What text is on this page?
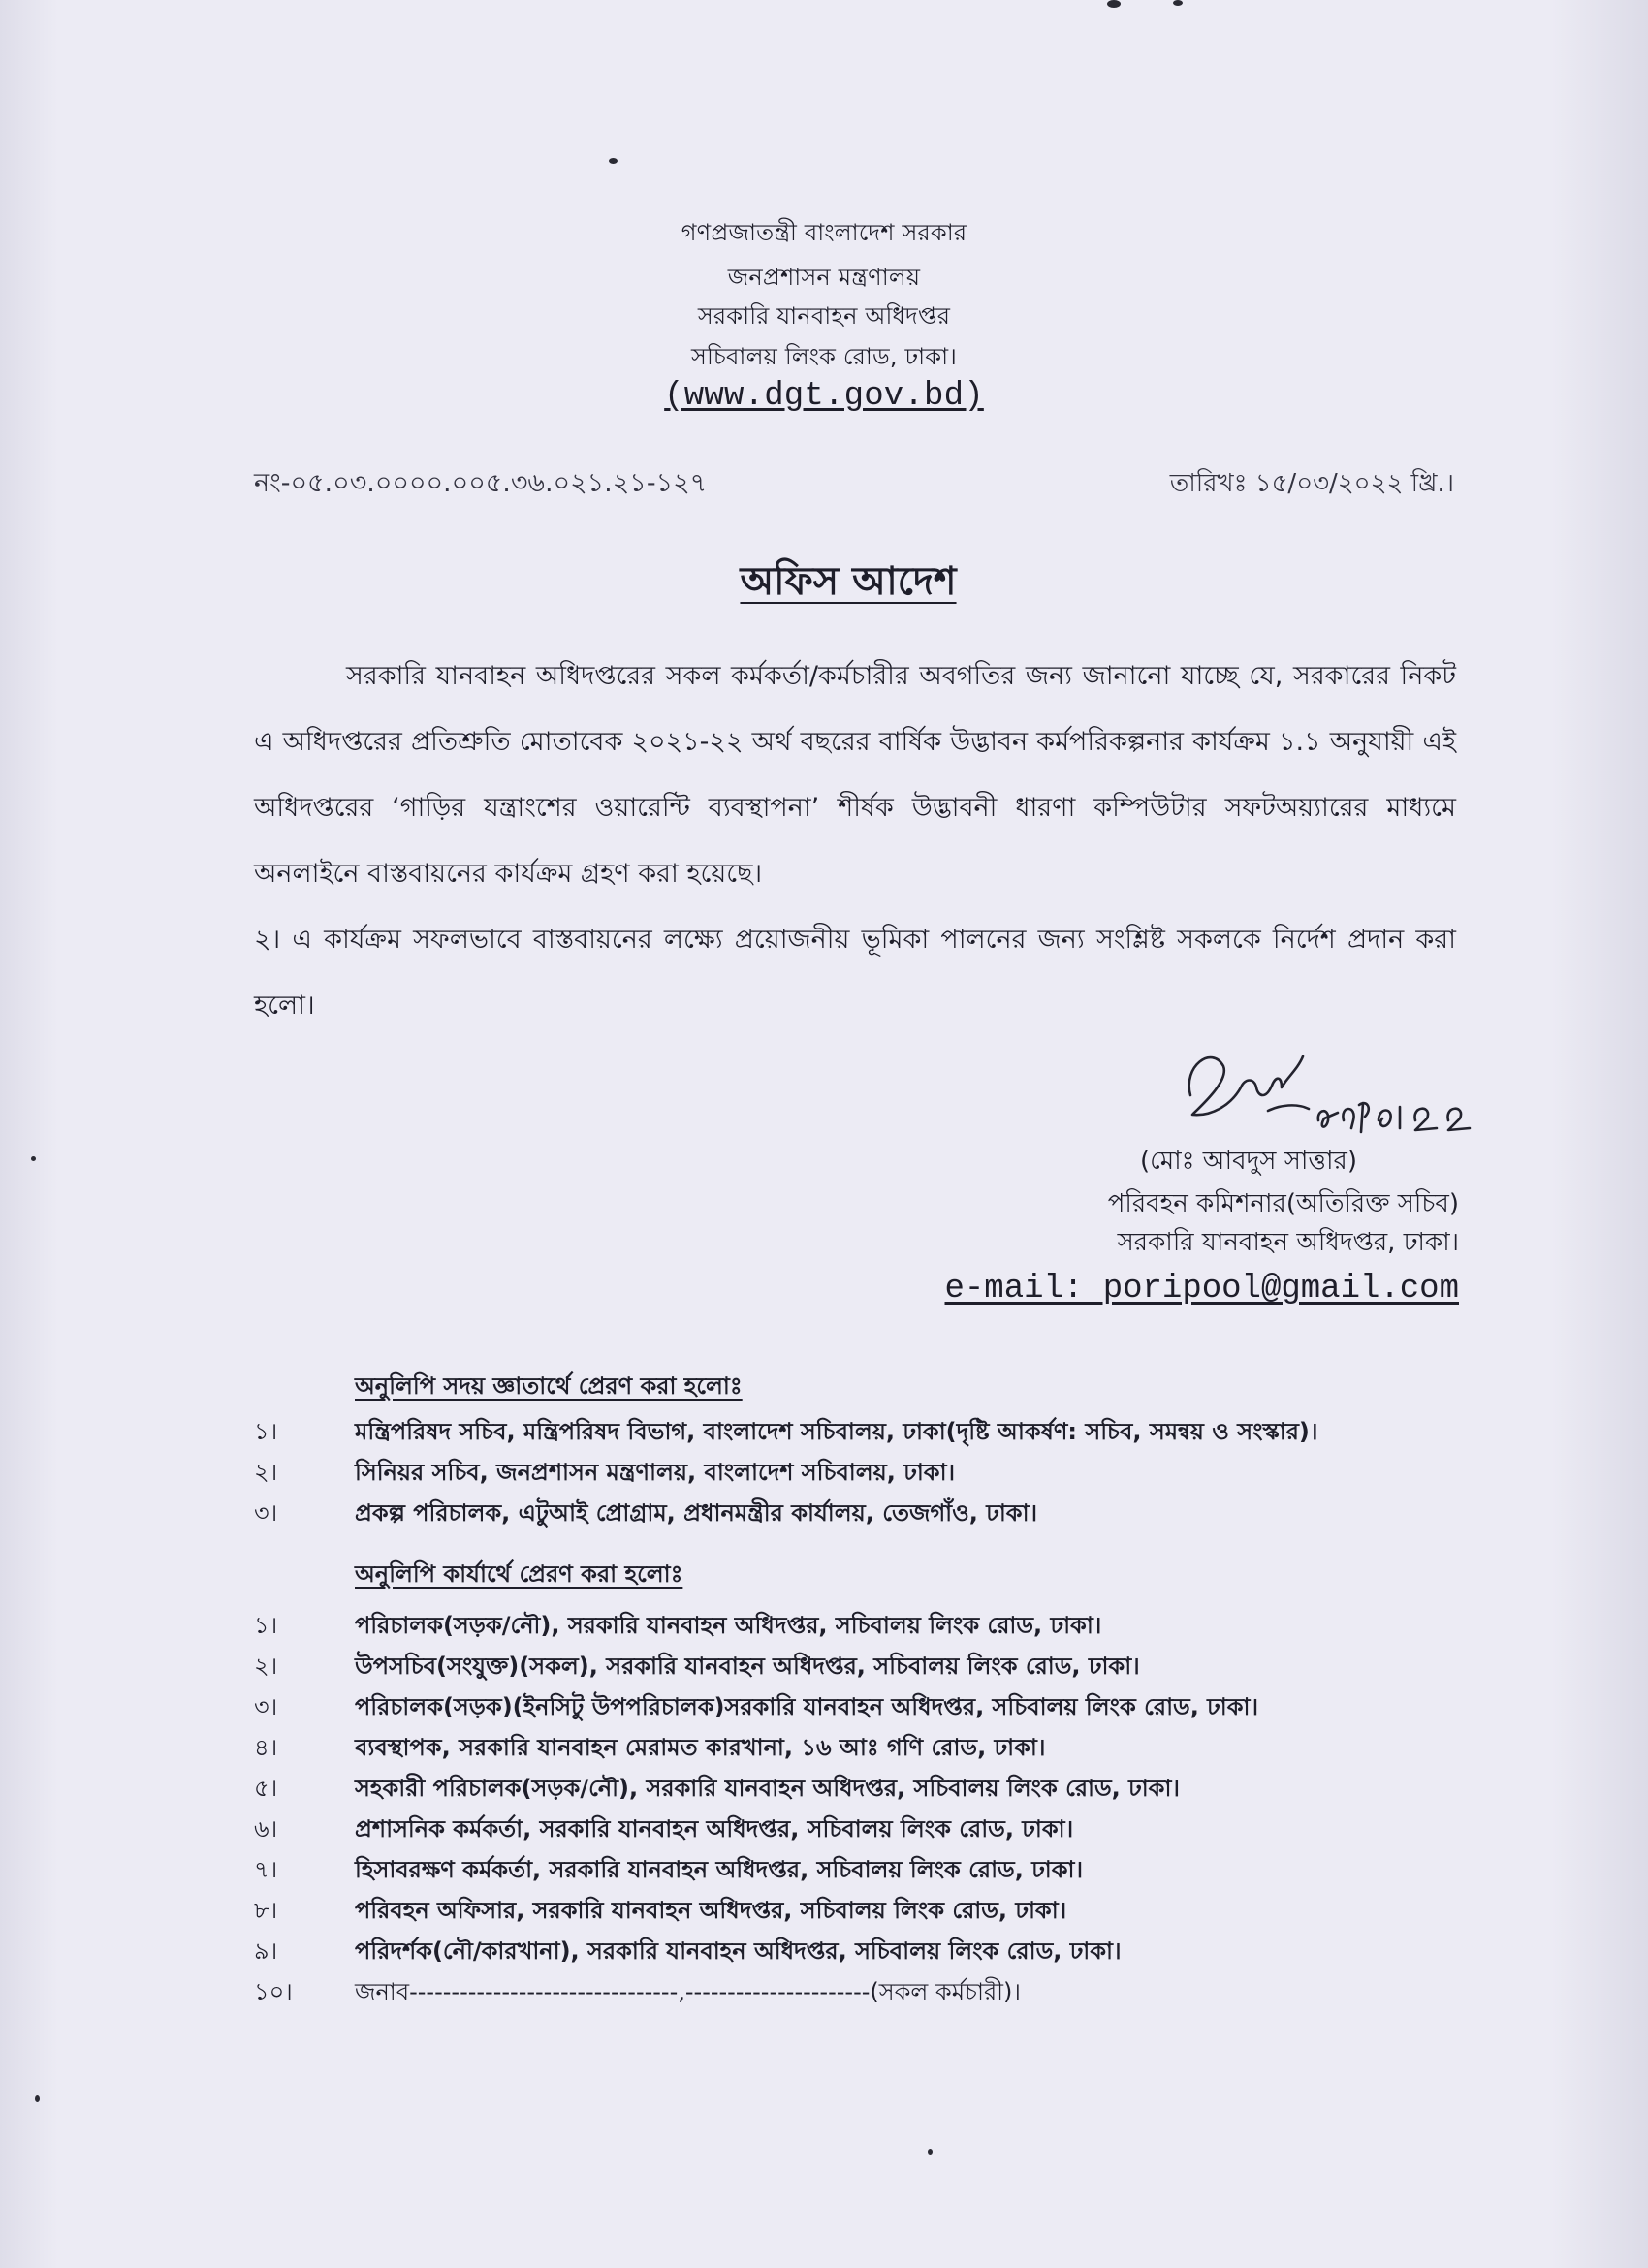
গণপ্রজাতন্ত্রী বাংলাদেশ সরকার
জনপ্রশাসন মন্ত্রণালয়
সরকারি যানবাহন অধিদপ্তর
সচিবালয় লিংক রোড, ঢাকা।
(www.dgt.gov.bd)
নং-০৫.০৩.০০০০.০০৫.৩৬.০২১.২১-১২৭	তারিখঃ ১৫/০৩/২০২২ খ্রি.।
অফিস আদেশ
সরকারি যানবাহন অধিদপ্তরের সকল কর্মকর্তা/কর্মচারীর অবগতির জন্য জানানো যাচ্ছে যে, সরকারের নিকট এ অধিদপ্তরের প্রতিশ্রুতি মোতাবেক ২০২১-২২ অর্থ বছরের বার্ষিক উদ্ভাবন কর্মপরিকল্পনার কার্যক্রম ১.১ অনুযায়ী এই অধিদপ্তরের ‘গাড়ির যন্ত্রাংশের ওয়ারেন্টি ব্যবস্থাপনা’ শীর্ষক উদ্ভাবনী ধারণা কম্পিউটার সফটঅয়্যারের মাধ্যমে অনলাইনে বাস্তবায়নের কার্যক্রম গ্রহণ করা হয়েছে।
২। এ কার্যক্রম সফলভাবে বাস্তবায়নের লক্ষ্যে প্রয়োজনীয় ভূমিকা পালনের জন্য সংশ্লিষ্ট সকলকে নির্দেশ প্রদান করা হলো।
(মোঃ আবদুস সাত্তার)
পরিবহন কমিশনার(অতিরিক্ত সচিব)
সরকারি যানবাহন অধিদপ্তর, ঢাকা।
e-mail: poripool@gmail.com
অনুলিপি সদয় জ্ঞাতার্থে প্রেরণ করা হলোঃ
১।	মন্ত্রিপরিষদ সচিব, মন্ত্রিপরিষদ বিভাগ, বাংলাদেশ সচিবালয়, ঢাকা(দৃষ্টি আকর্ষণ: সচিব, সমন্বয় ও সংস্কার)।
২।	সিনিয়র সচিব, জনপ্রশাসন মন্ত্রণালয়, বাংলাদেশ সচিবালয়, ঢাকা।
৩।	প্রকল্প পরিচালক, এটুআই প্রোগ্রাম, প্রধানমন্ত্রীর কার্যালয়, তেজগাঁও, ঢাকা।
অনুলিপি কার্যার্থে প্রেরণ করা হলোঃ
১।	পরিচালক(সড়ক/নৌ), সরকারি যানবাহন অধিদপ্তর, সচিবালয় লিংক রোড, ঢাকা।
২।	উপসচিব(সংযুক্ত)(সকল), সরকারি যানবাহন অধিদপ্তর, সচিবালয় লিংক রোড, ঢাকা।
৩।	পরিচালক(সড়ক)(ইনসিটু উপপরিচালক)সরকারি যানবাহন অধিদপ্তর, সচিবালয় লিংক রোড, ঢাকা।
৪।	ব্যবস্থাপক, সরকারি যানবাহন মেরামত কারখানা, ১৬ আঃ গণি রোড, ঢাকা।
৫।	সহকারী পরিচালক(সড়ক/নৌ), সরকারি যানবাহন অধিদপ্তর, সচিবালয় লিংক রোড, ঢাকা।
৬।	প্রশাসনিক কর্মকর্তা, সরকারি যানবাহন অধিদপ্তর, সচিবালয় লিংক রোড, ঢাকা।
৭।	হিসাবরক্ষণ কর্মকর্তা, সরকারি যানবাহন অধিদপ্তর, সচিবালয় লিংক রোড, ঢাকা।
৮।	পরিবহন অফিসার, সরকারি যানবাহন অধিদপ্তর, সচিবালয় লিংক রোড, ঢাকা।
৯।	পরিদর্শক(নৌ/কারখানা), সরকারি যানবাহন অধিদপ্তর, সচিবালয় লিংক রোড, ঢাকা।
১০।	জনাব--------------------------------,----------------------(সকল কর্মচারী)।
